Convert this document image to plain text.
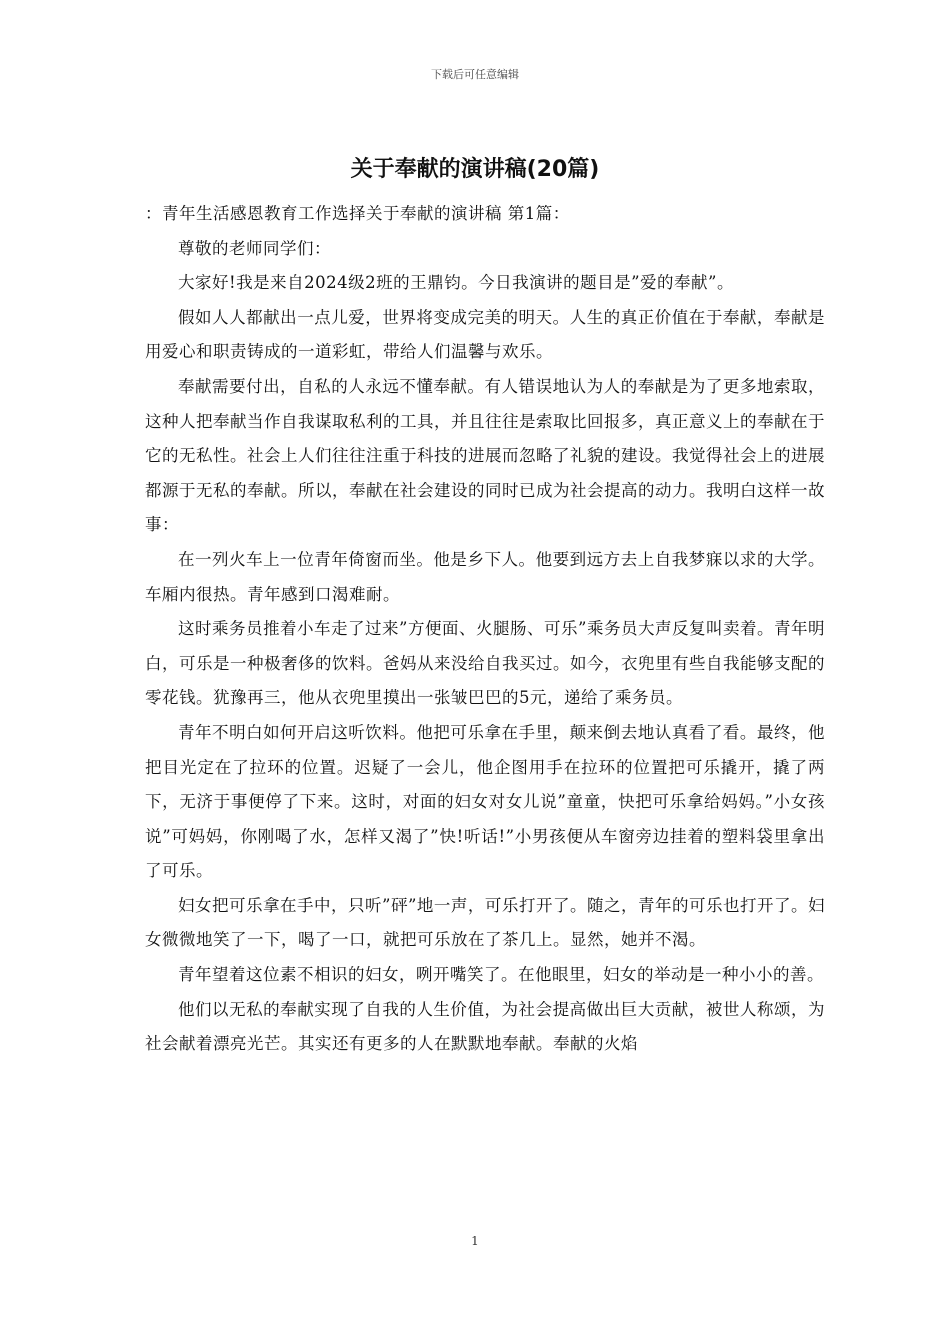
下载后可任意编辑
关于奉献的演讲稿(20篇)

：青年生活感恩教育工作选择关于奉献的演讲稿 第1篇：

尊敬的老师同学们：

大家好!我是来自2024级2班的王鼎钧。今日我演讲的题目是”爱的奉献”。

假如人人都献出一点儿爱，世界将变成完美的明天。人生的真正价值在于奉献，奉献是用爱心和职责铸成的一道彩虹，带给人们温馨与欢乐。

奉献需要付出，自私的人永远不懂奉献。有人错误地认为人的奉献是为了更多地索取，这种人把奉献当作自我谋取私利的工具，并且往往是索取比回报多，真正意义上的奉献在于它的无私性。社会上人们往往注重于科技的进展而忽略了礼貌的建设。我觉得社会上的进展都源于无私的奉献。所以，奉献在社会建设的同时已成为社会提高的动力。我明白这样一故事：

在一列火车上一位青年倚窗而坐。他是乡下人。他要到远方去上自我梦寐以求的大学。车厢内很热。青年感到口渴难耐。

这时乘务员推着小车走了过来”方便面、火腿肠、可乐”乘务员大声反复叫卖着。青年明白，可乐是一种极奢侈的饮料。爸妈从来没给自我买过。如今，衣兜里有些自我能够支配的零花钱。犹豫再三，他从衣兜里摸出一张皱巴巴的5元，递给了乘务员。

青年不明白如何开启这听饮料。他把可乐拿在手里，颠来倒去地认真看了看。最终，他把目光定在了拉环的位置。迟疑了一会儿，他企图用手在拉环的位置把可乐撬开，撬了两下，无济于事便停了下来。这时，对面的妇女对女儿说”童童，快把可乐拿给妈妈。”小女孩说”可妈妈，你刚喝了水，怎样又渴了”快!听话!”小男孩便从车窗旁边挂着的塑料袋里拿出了可乐。

妇女把可乐拿在手中，只听”砰”地一声，可乐打开了。随之，青年的可乐也打开了。妇女微微地笑了一下，喝了一口，就把可乐放在了茶几上。显然，她并不渴。

青年望着这位素不相识的妇女，咧开嘴笑了。在他眼里，妇女的举动是一种小小的善。

他们以无私的奉献实现了自我的人生价值，为社会提高做出巨大贡献，被世人称颂，为社会献着漂亮光芒。其实还有更多的人在默默地奉献。奉献的火焰

1
